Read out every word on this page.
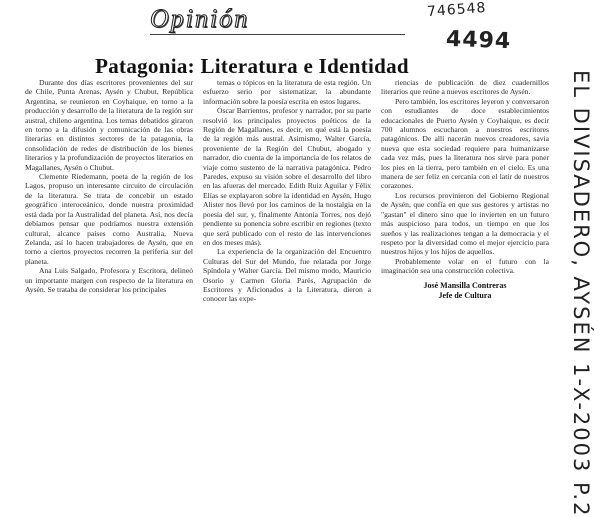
Opinión	746548
4494
EL DIVISADERO, AYSÉN 1-X-2003 P.2
Patagonia: Literatura e Identidad

Durante dos días escritores provenientes del sur de Chile, Punta Arenas, Aysén y Chubut, República Argentina, se reunieron en Coyhaique, en torno a la producción y desarrollo de la literatura de la región sur austral, chileno argentina. Los temas debatidos giraron en torno a la difusión y comunicación de las obras literarias en distintos sectores de la patagonia, la consolidación de redes de distribución de los bienes literarios y la profundización de proyectos literarios en Magallanes, Aysén o Chubut.

Clemente Riedemann, poeta de la región de los Lagos, propuso un interesante circuito de circulación de la literatura. Se trata de concebir un estado geográfico interoceánico, donde nuestra proximidad está dada por la Australidad del planeta. Así, nos decía debíamos pensar que podríamos nuestra extensión cultural, alcance países como Australia, Nueva Zelanda, así lo hacen trabajadores de Aysén, que en torno a ciertos proyectos recorren la periferia sur del planeta.

Ana Luis Salgado, Profesora y Escritora, delineó un importante margen con respecto de la literatura en Aysén. Se trataba de considerar los principales

temas o tópicos en la literatura de esta región. Un esfuerzo serio por sistematizar, la abundante información sobre la poesía escrita en estos lugares.

Óscar Barrientos, profesor y narrador, por su parte resolvió los principales proyectos poéticos de la Región de Magallanes, es decir, en qué está la poesía de la región más austral. Asimismo, Walter García, proveniente de la Región del Chubut, abogado y narrador, dio cuenta de la importancia de los relatos de viaje como sustento de la narrativa patagónica. Pedro Paredes, expuso su visión sobre el desarrollo del libro en las afueras del mercado. Edith Ruiz Aguilar y Félix Elías se explayaron sobre la identidad en Aysén, Hugo Alister nos llevó por los caminos de la nostalgia en la poesía del sur, y, finalmente Antonia Torres, nos dejó pendiente su ponencia sobre escribir en regiones (texto que será publicado con el resto de las intervenciones en dos meses más).

La experiencia de la organización del Encuentro Culturas del Sur del Mundo, fue relatada por Jorge Spíndola y Walter García. Del mismo modo, Mauricio Osorio y Carmen Gloria Parés, Agrupación de Escritores y Aficionados a la Literatura, dieron a conocer las expe-

riencias de publicación de diez cuadernillos literarios que reúne a nuevos escritores de Aysén.

Pero también, los escritores leyeron y conversaron con estudiantes de doce establecimientos educacionales de Puerto Aysén y Coyhaique, es decir 700 alumnos escucharon a nuestros escritores patagónicos. De allí nacerán nuevos creadores, savia nueva que esta sociedad requiere para humanizarse cada vez más, pues la literatura nos sirve para poner los pies en la tierra, pero también en el cielo. Es una manera de ser feliz en cercanía con el latir de nuestros corazones.

Los recursos provinieron del Gobierno Regional de Aysén, que confía en que sus gestores y artistas no "gastan" el dinero sino que lo invierten en un futuro más auspicioso para todos, un tiempo en que los sueños y las realizaciones tengan a la democracia y el respeto por la diversidad como el mejor ejercicio para nuestros hijos y los hijos de aquellos.

Probablemente volar en el futuro con la imaginación sea una construcción colectiva.

José Mansilla Contreras
Jefe de Cultura
